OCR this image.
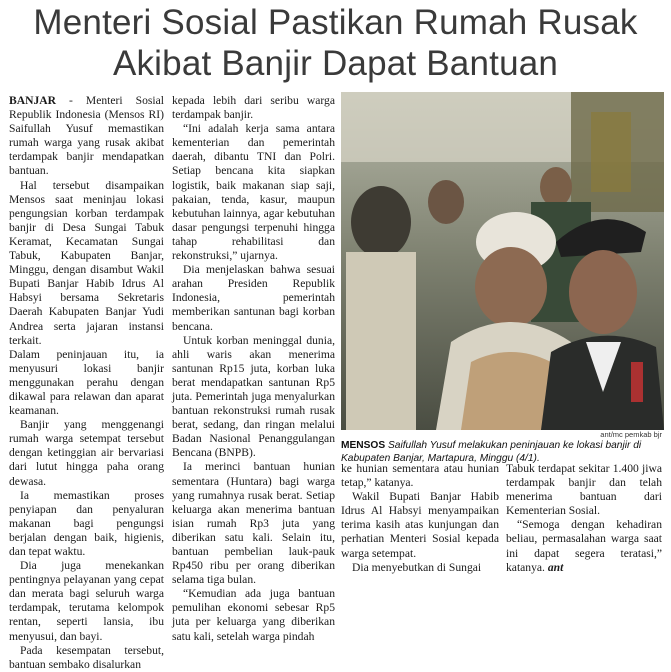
Menteri Sosial Pastikan Rumah Rusak
Akibat Banjir Dapat Bantuan

BANJAR - Menteri Sosial Republik Indonesia (Mensos RI) Saifullah Yusuf memastikan rumah warga yang rusak akibat terdampak banjir mendapatkan bantuan.

Hal tersebut disampaikan Mensos saat meninjau lokasi pengungsian korban terdampak banjir di Desa Sungai Tabuk Keramat, Kecamatan Sungai Tabuk, Kabupaten Banjar, Minggu, dengan disambut Wakil Bupati Banjar Habib Idrus Al Habsyi bersama Sekretaris Daerah Kabupaten Banjar Yudi Andrea serta jajaran instansi terkait.

Dalam peninjauan itu, ia menyusuri lokasi banjir menggunakan perahu dengan dikawal para relawan dan aparat keamanan.

Banjir yang menggenangi rumah warga setempat tersebut dengan ketinggian air bervariasi dari lutut hingga paha orang dewasa.

Ia memastikan proses penyiapan dan penyaluran makanan bagi pengungsi berjalan dengan baik, higienis, dan tepat waktu.

Dia juga menekankan pentingnya pelayanan yang cepat dan merata bagi seluruh warga terdampak, terutama kelompok rentan, seperti lansia, ibu menyusui, dan bayi.

Pada kesempatan tersebut, bantuan sembako disalurkan

kepada lebih dari seribu warga terdampak banjir.

“Ini adalah kerja sama antara kementerian dan pemerintah daerah, dibantu TNI dan Polri. Setiap bencana kita siapkan logistik, baik makanan siap saji, pakaian, tenda, kasur, maupun kebutuhan lainnya, agar kebutuhan dasar pengungsi terpenuhi hingga tahap rehabilitasi dan rekonstruksi,” ujarnya.

Dia menjelaskan bahwa sesuai arahan Presiden Republik Indonesia, pemerintah memberikan santunan bagi korban bencana.

Untuk korban meninggal dunia, ahli waris akan menerima santunan Rp15 juta, korban luka berat mendapatkan santunan Rp5 juta. Pemerintah juga menyalurkan bantuan rekonstruksi rumah rusak berat, sedang, dan ringan melalui Badan Nasional Penanggulangan Bencana (BNPB).

Ia merinci bantuan hunian sementara (Huntara) bagi warga yang rumahnya rusak berat. Setiap keluarga akan menerima bantuan isian rumah Rp3 juta yang diberikan satu kali. Selain itu, bantuan pembelian lauk-pauk Rp450 ribu per orang diberikan selama tiga bulan.

“Kemudian ada juga bantuan pemulihan ekonomi sebesar Rp5 juta per keluarga yang diberikan satu kali, setelah warga pindah

ant/mc pemkab bjr
MENSOS Saifullah Yusuf melakukan peninjauan ke lokasi banjir di Kabupaten Banjar, Martapura, Minggu (4/1).

ke hunian sementara atau hunian tetap,” katanya.

Wakil Bupati Banjar Habib Idrus Al Habsyi menyampaikan terima kasih atas kunjungan dan perhatian Menteri Sosial kepada warga setempat.

Dia menyebutkan di Sungai

Tabuk terdapat sekitar 1.400 jiwa terdampak banjir dan telah menerima bantuan dari Kementerian Sosial.

“Semoga dengan kehadiran beliau, permasalahan warga saat ini dapat segera teratasi,” katanya. ant
